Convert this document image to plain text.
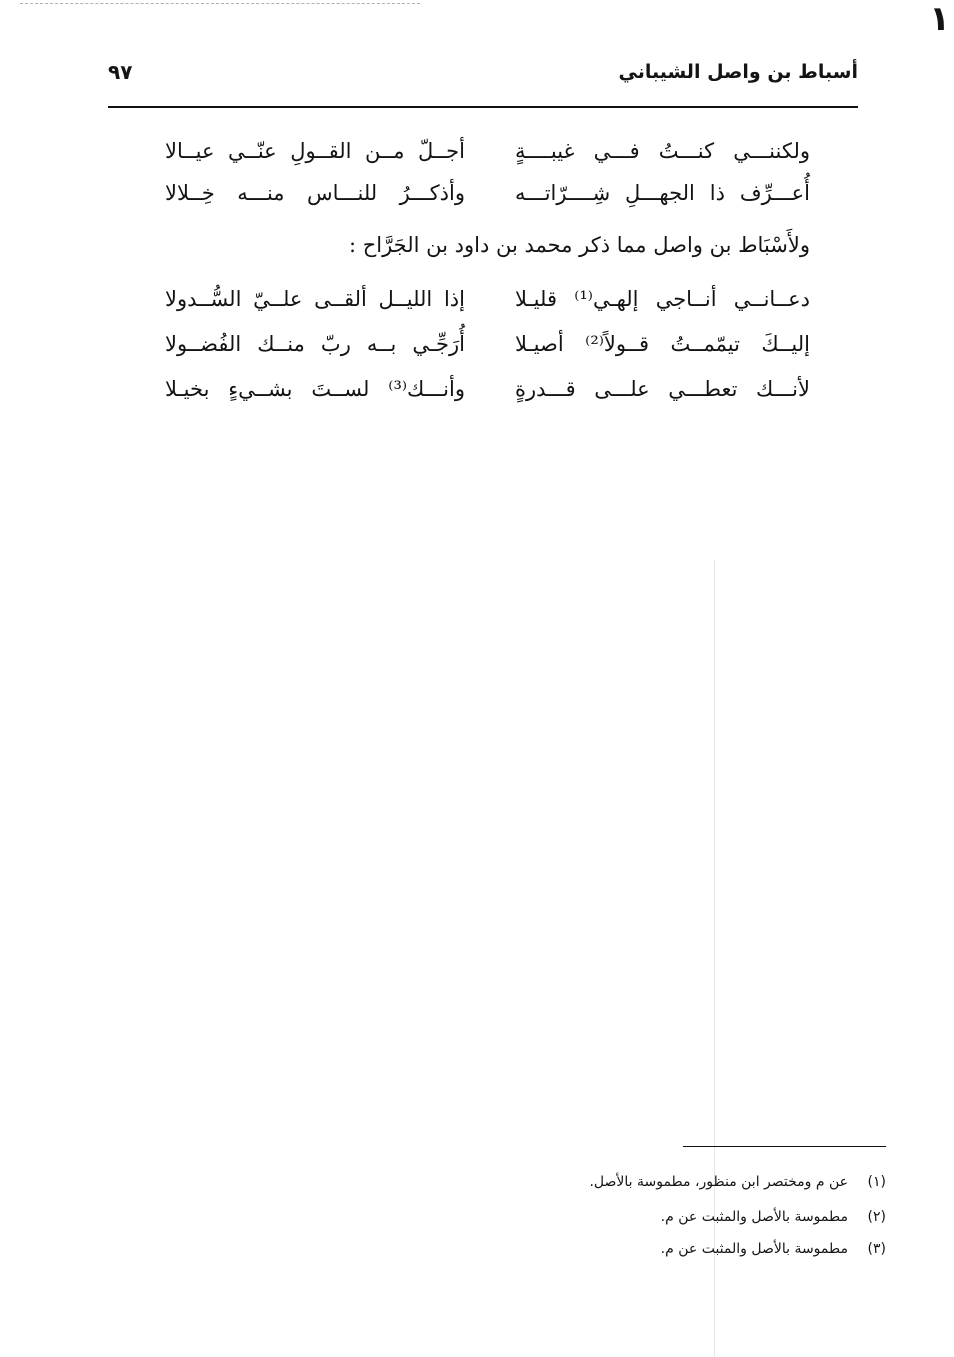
١
أسباط بن واصل الشيباني
٩٧
ولكننـــي كنـــتُ فـــي غيبــــةٍ
أجــلّ مــن القــولِ عنّــي عيــالا
أُعـــرِّف ذا الجهـــلِ شِــــرّاتـــه
وأذكـــرُ للنـــاس منـــه خِــلالا
ولأَسْبَاط بن واصل مما ذكر محمد بن داود بن الجَرَّاح :
دعــانــي أنــاجي إلهـي⁽¹⁾ قليـلا
إذا الليــل ألقــى علــيّ السُّــدولا
إليــكَ تيمّمــتُ قــولاً⁽²⁾ أصيـلا
أُرَجِّـي بــه ربّ منــك الفُضــولا
لأنـــك تعطـــي علـــى قـــدرةٍ
وأنـــك⁽³⁾ لســتَ بشــيءٍ بخيـلا
(١)عن م ومختصر ابن منظور، مطموسة بالأصل.
(٢)مطموسة بالأصل والمثبت عن م.
(٣)مطموسة بالأصل والمثبت عن م.
